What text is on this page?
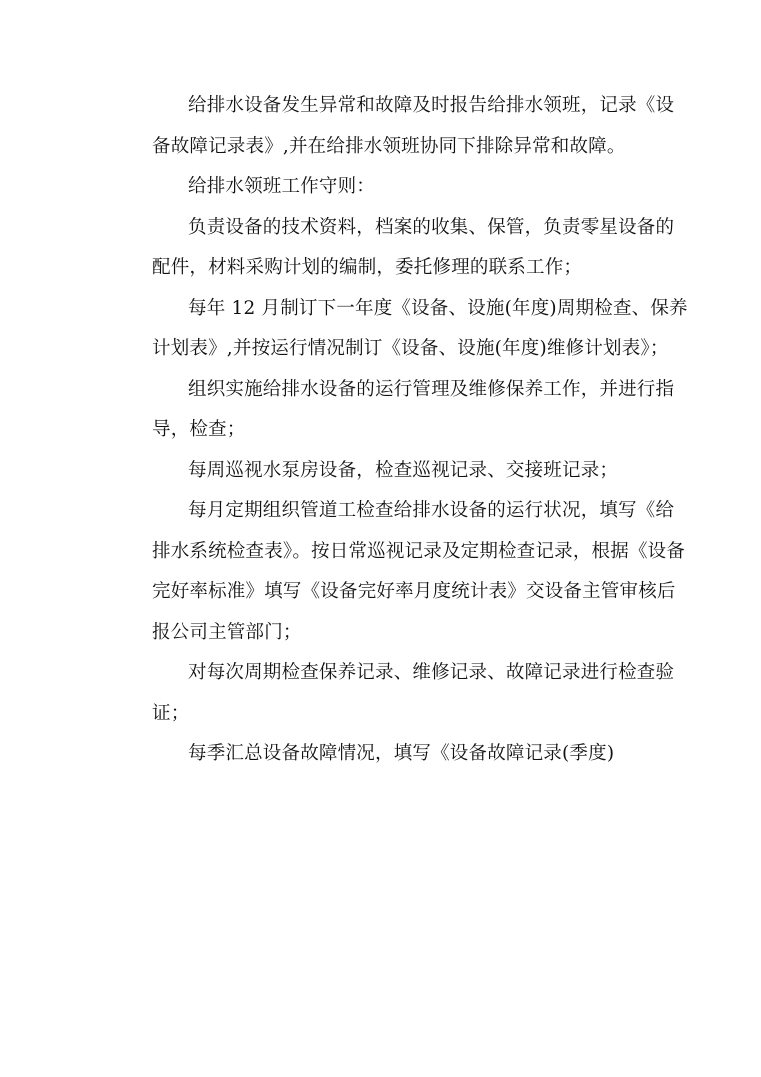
给排水设备发生异常和故障及时报告给排水领班，记录《设
备故障记录表》,并在给排水领班协同下排除异常和故障。
给排水领班工作守则：
负责设备的技术资料，档案的收集、保管，负责零星设备的
配件，材料采购计划的编制，委托修理的联系工作；
每年 12 月制订下一年度《设备、设施(年度)周期检查、保养
计划表》,并按运行情况制订《设备、设施(年度)维修计划表》；
组织实施给排水设备的运行管理及维修保养工作，并进行指
导，检查；
每周巡视水泵房设备，检查巡视记录、交接班记录；
每月定期组织管道工检查给排水设备的运行状况，填写《给
排水系统检查表》。按日常巡视记录及定期检查记录，根据《设备
完好率标准》填写《设备完好率月度统计表》交设备主管审核后
报公司主管部门；
对每次周期检查保养记录、维修记录、故障记录进行检查验
证；
每季汇总设备故障情况，填写《设备故障记录(季度)
